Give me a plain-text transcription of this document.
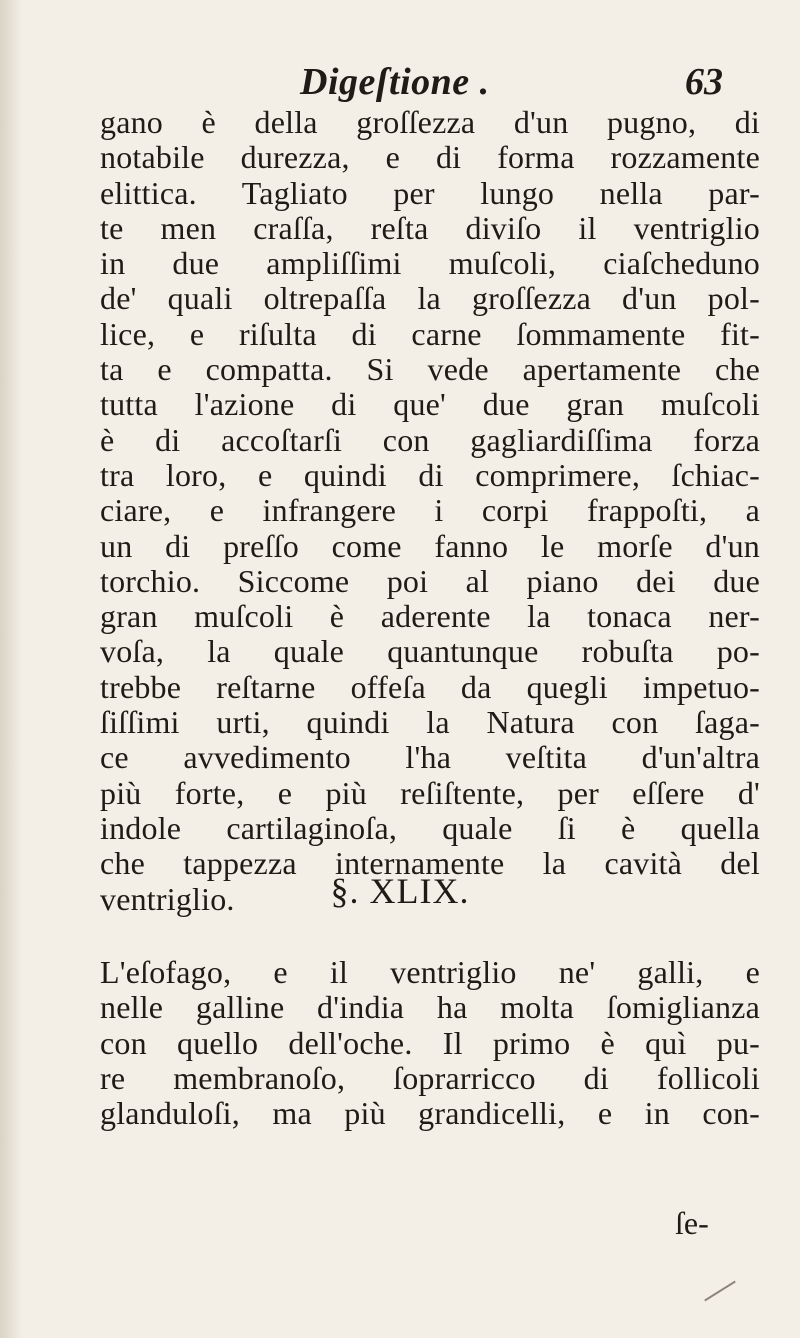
Digeſtione .	63
gano è della groſſezza d'un pugno, di
notabile durezza, e di forma rozzamente
elittica. Tagliato per lungo nella par-
te men craſſa, reſta diviſo il ventriglio
in due ampliſſimi muſcoli, ciaſcheduno
de' quali oltrepaſſa la groſſezza d'un pol-
lice, e riſulta di carne ſommamente fit-
ta e compatta. Si vede apertamente che
tutta l'azione di que' due gran muſcoli
è di accoſtarſi con gagliardiſſima forza
tra loro, e quindi di comprimere, ſchiac-
ciare, e infrangere i corpi frappoſti, a
un di preſſo come fanno le morſe d'un
torchio. Siccome poi al piano dei due
gran muſcoli è aderente la tonaca ner-
voſa, la quale quantunque robuſta po-
trebbe reſtarne offeſa da quegli impetuo-
ſiſſimi urti, quindi la Natura con ſaga-
ce avvedimento l'ha veſtita d'un'altra
più forte, e più reſiſtente, per eſſere d'
indole cartilaginoſa, quale ſi è quella
che tappezza internamente la cavità del
ventriglio.	§. XLIX.
L'eſofago, e il ventriglio ne' galli, e
nelle galline d'india ha molta ſomiglianza
con quello dell'oche. Il primo è quì pu-
re membranoſo, ſoprarricco di follicoli
glanduloſi, ma più grandicelli, e in con-
ſe-
